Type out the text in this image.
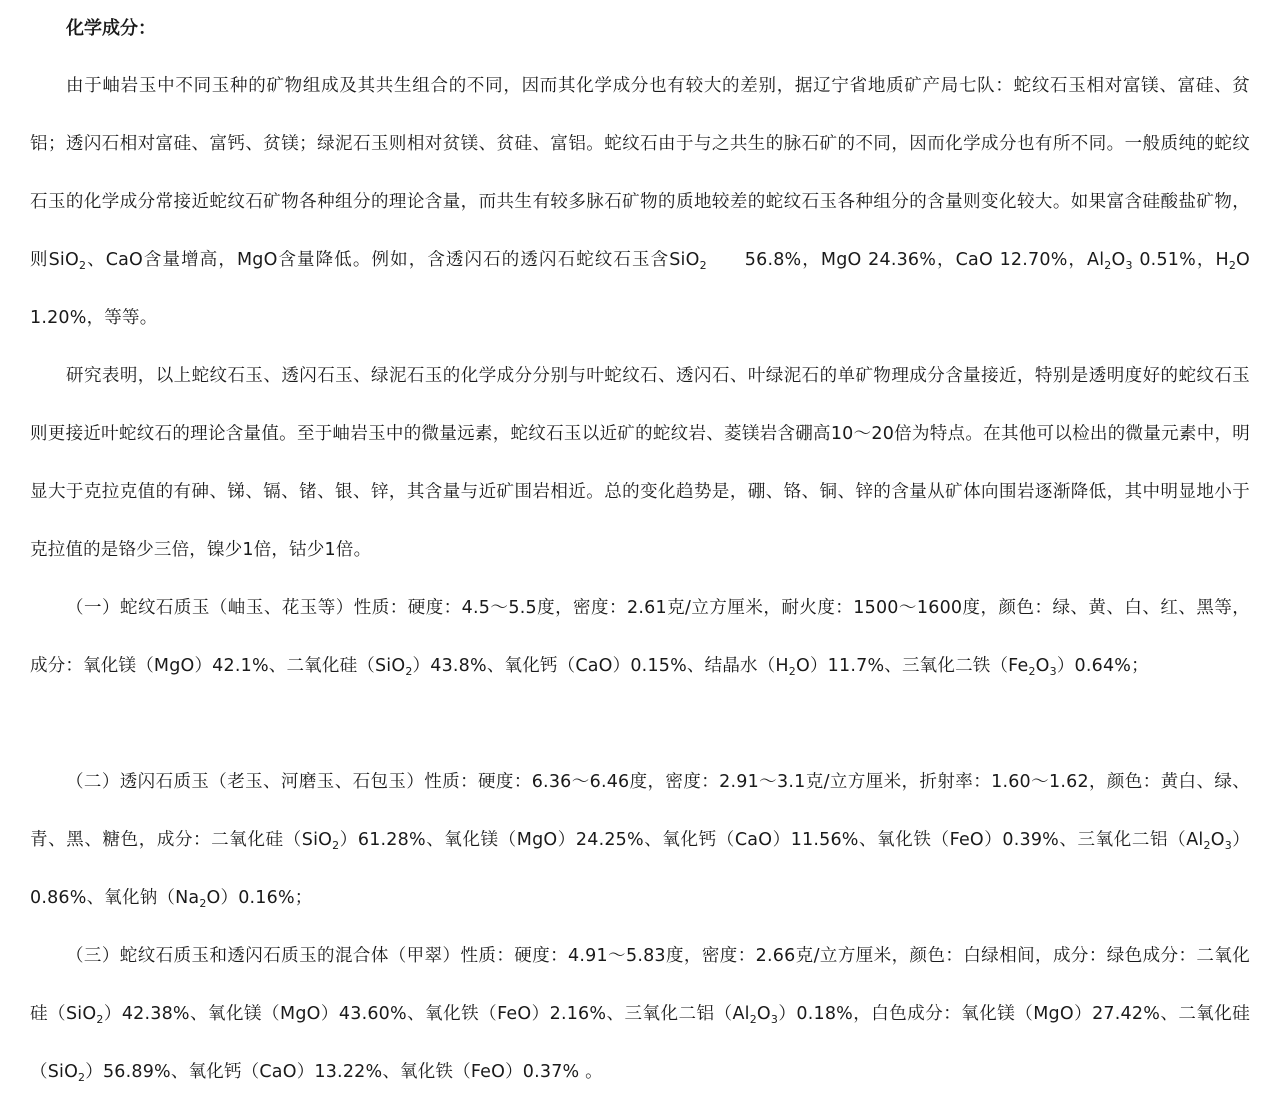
化学成分：

由于岫岩玉中不同玉种的矿物组成及其共生组合的不同，因而其化学成分也有较大的差别，据辽宁省地质矿产局七队：蛇纹石玉相对富镁、富硅、贫铝；透闪石相对富硅、富钙、贫镁；绿泥石玉则相对贫镁、贫硅、富铝。蛇纹石由于与之共生的脉石矿的不同，因而化学成分也有所不同。一般质纯的蛇纹石玉的化学成分常接近蛇纹石矿物各种组分的理论含量，而共生有较多脉石矿物的质地较差的蛇纹石玉各种组分的含量则变化较大。如果富含硅酸盐矿物，则SiO$_2$、CaO含量增高，MgO含量降低。例如，含透闪石的透闪石蛇纹石玉含SiO$_2$ 56.8%，MgO 24.36%，CaO 12.70%，$Al_2O_3$ 0.51%，$H_2O$ 1.20%，等等。

研究表明，以上蛇纹石玉、透闪石玉、绿泥石玉的化学成分分别与叶蛇纹石、透闪石、叶绿泥石的单矿物理成分含量接近，特别是透明度好的蛇纹石玉则更接近叶蛇纹石的理论含量值。至于岫岩玉中的微量远素，蛇纹石玉以近矿的蛇纹岩、菱镁岩含硼高10～20倍为特点。在其他可以检出的微量元素中，明显大于克拉克值的有砷、锑、镉、锗、银、锌，其含量与近矿围岩相近。总的变化趋势是，硼、铬、铜、锌的含量从矿体向围岩逐渐降低，其中明显地小于克拉值的是铬少三倍，镍少1倍，钴少1倍。

（一）蛇纹石质玉（岫玉、花玉等）性质：硬度：4.5～5.5度，密度：2.61克/立方厘米，耐火度：1500～1600度，颜色：绿、黄、白、红、黑等，成分：氧化镁（MgO）42.1%、二氧化硅（SiO$_2$）43.8%、氧化钙（CaO）0.15%、结晶水$(H_2O)11.7\%$、三氧化二铁$(Fe_2O_3)0.64\%$；

（二）透闪石质玉（老玉、河磨玉、石包玉）性质：硬度：6.36～6.46度，密度：2.91～3.1克/立方厘米，折射率：1.60～1.62，颜色：黄白、绿、青、黑、糖色，成分：二氧化硅（SiO$_2$）61.28%、氧化镁（MgO）24.25%、氧化钙（CaO）11.56%、氧化铁（FeO）0.39%、三氧化二铝$(Al_2O_3)0.86\%$、氧化钠$(Na_2O)0.16\%$；

（三）蛇纹石质玉和透闪石质玉的混合体（甲翠）性质：硬度：4.91～5.83度，密度：2.66克/立方厘米，颜色：白绿相间，成分：绿色成分：二氧化硅（SiO$_2$）42.38%、氧化镁（MgO）43.60%、氧化铁（FeO）2.16%、三氧化二铝$(Al_2O_3)0.18\%$，白色成分：氧化镁（MgO）27.42%、二氧化硅（SiO$_2$）56.89%、氧化钙（CaO）13.22%、氧化铁（FeO）0.37% 。
